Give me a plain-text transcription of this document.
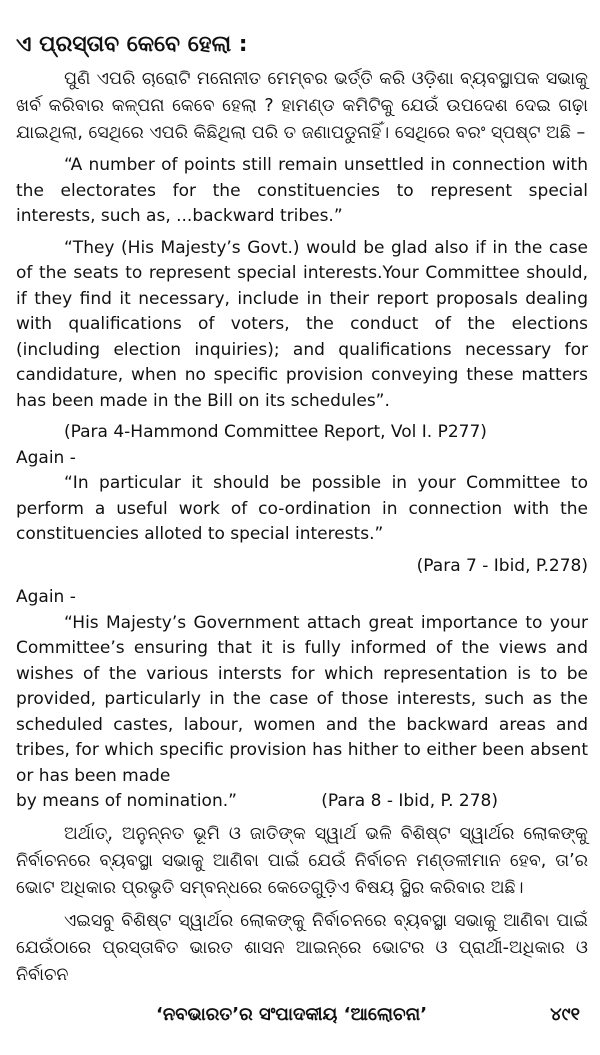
ଏ ପ୍ରସ୍ତାବ କେବେ ହେଲା :

ପୁଣି ଏପରି ଚାରୋଟି ମନୋନୀତ ମେମ୍ବର ଭର୍ତ୍ତି କରି ଓଡ଼ିଶା ବ୍ୟବସ୍ଥାପକ ସଭାକୁ ଖର୍ବ କରିବାର କଳ୍ପନା କେବେ ହେଲା ? ହାମଣ୍ଡ କମିଟିକୁ ଯେଉଁ ଉପଦେଶ ଦେଇ ଗଢ଼ା ଯାଇଥିଲା, ସେଥିରେ ଏପରି କିଛିଥିଲା ପରି ତ ଜଣାପଡୁନାହିଁ। ସେଥିରେ ବରଂ ସ୍ପଷ୍ଟ ଅଛି –

“A number of points still remain unsettled in connection with the electorates for the constituencies to represent special interests, such as, ...backward tribes.”

“They (His Majesty’s Govt.) would be glad also if in the case of the seats to represent special interests.Your Committee should, if they find it necessary, include in their report proposals dealing with qualifications of voters, the conduct of the elections (including election inquiries); and qualifications necessary for candidature, when no specific provision conveying these matters has been made in the Bill on its schedules”.

(Para 4-Hammond Committee Report, Vol I. P277)

Again -

“In particular it should be possible in your Committee to perform a useful work of co-ordination in connection with the constituencies alloted to special interests.”

(Para 7 - Ibid, P.278)

Again -

“His Majesty’s Government attach great importance to your Committee’s ensuring that it is fully informed of the views and wishes of the various intersts for which representation is to be provided, particularly in the case of those interests, such as the scheduled castes, labour, women and the backward areas and tribes, for which specific provision has hither to either been absent or has been made

by means of nomination.”	(Para 8 - Ibid, P. 278)

ଅର୍ଥାତ୍, ଅନୁନ୍ନତ ଭୂମି ଓ ଜାତିଙ୍କ ସ୍ୱାର୍ଥ ଭଳି ବିଶିଷ୍ଟ ସ୍ୱାର୍ଥର ଲୋକଙ୍କୁ ନିର୍ବାଚନରେ ବ୍ୟବସ୍ଥା ସଭାକୁ ଆଣିବା ପାଇଁ ଯେଉଁ ନିର୍ବାଚନ ମଣ୍ଡଳୀମାନ ହେବ, ତା’ର ଭୋଟ ଅଧିକାର ପ୍ରଭୃତି ସମ୍ବନ୍ଧରେ କେତେଗୁଡ଼ିଏ ବିଷୟ ସ୍ଥିର କରିବାର ଅଛି।

ଏଇସବୁ ବିଶିଷ୍ଟ ସ୍ୱାର୍ଥର ଲୋକଙ୍କୁ ନିର୍ବାଚନରେ ବ୍ୟବସ୍ଥା ସଭାକୁ ଆଣିବା ପାଇଁ ଯେଉଁଠାରେ ପ୍ରସ୍ତାବିତ ଭାରତ ଶାସନ ଆଇନ୍‌ରେ ଭୋଟର ଓ ପ୍ରାର୍ଥୀ-ଅଧିକାର ଓ ନିର୍ବାଚନ

‘ନବଭାରତ’ର ସଂପାଦକୀୟ ‘ଆଲୋଚନା’	୪୯୧
